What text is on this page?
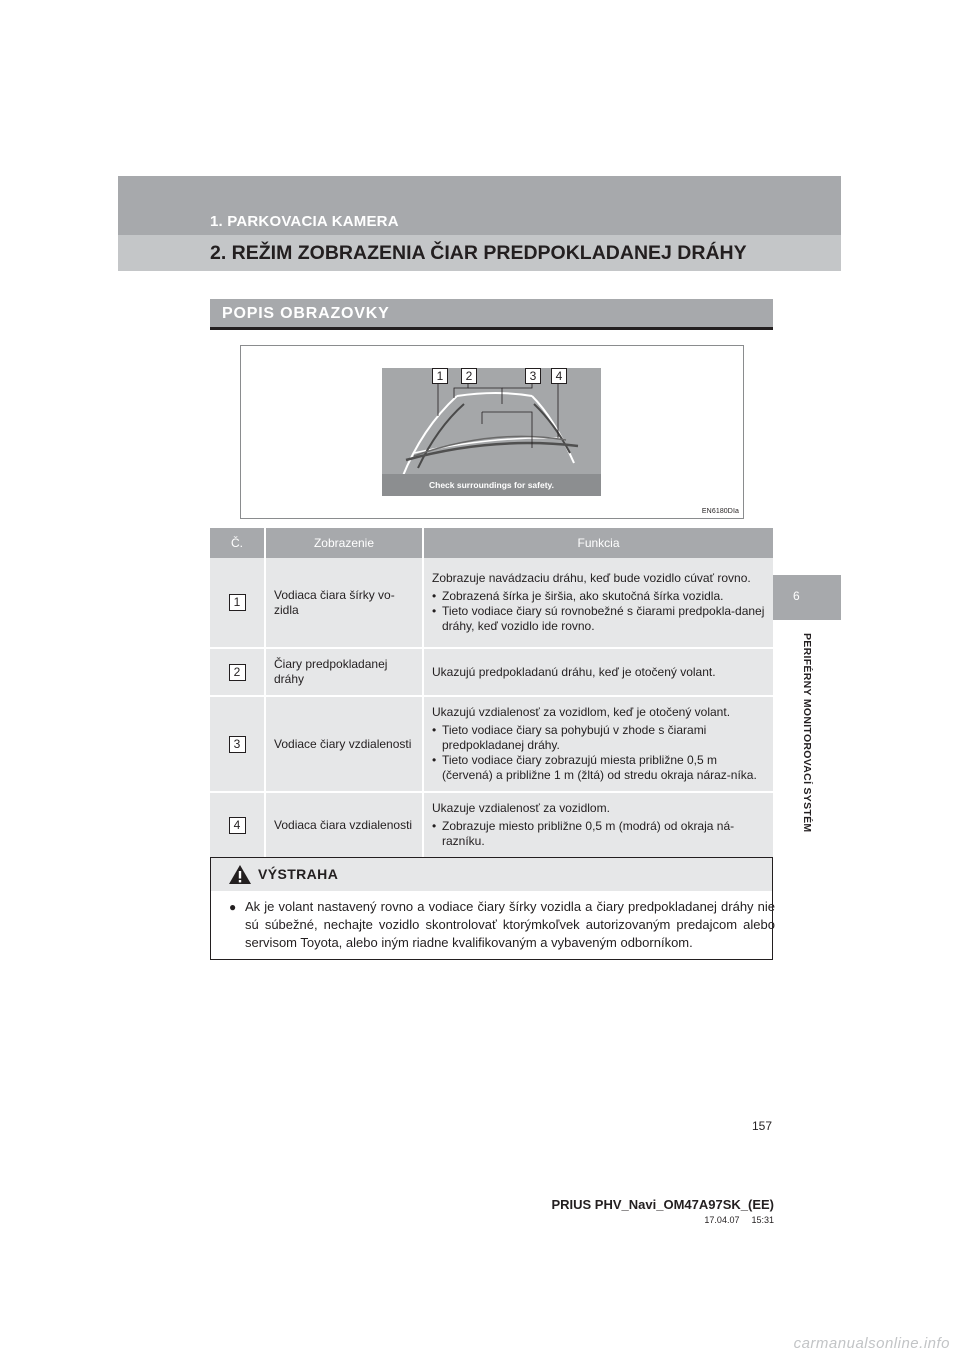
1. PARKOVACIA KAMERA
2. REŽIM ZOBRAZENIA ČIAR PREDPOKLADANEJ DRÁHY
6
PERIFÉRNY MONITOROVACÍ SYSTÉM
POPIS OBRAZOVKY
Check surroundings for safety.
1	2	3	4
EN6180DIa
Č.	Zobrazenie	Funkcia
1	Vodiaca čiara šírky vo-zidla	Zobrazuje navádzaciu dráhu, keď bude vozidlo cúvať rovno.
• Zobrazená šírka je širšia, ako skutočná šírka vozidla.
• Tieto vodiace čiary sú rovnobežné s čiarami predpokla-danej dráhy, keď vozidlo ide rovno.

2	Čiary predpokladanej dráhy	Ukazujú predpokladanú dráhu, keď je otočený volant.

3	Vodiace čiary vzdialenosti	Ukazujú vzdialenosť za vozidlom, keď je otočený volant.
• Tieto vodiace čiary sa pohybujú v zhode s čiarami predpokladanej dráhy.
• Tieto vodiace čiary zobrazujú miesta približne 0,5 m (červená) a približne 1 m (žltá) od stredu okraja náraz-níka.

4	Vodiaca čiara vzdialenosti	Ukazuje vzdialenosť za vozidlom.
• Zobrazuje miesto približne 0,5 m (modrá) od okraja ná-razníku.
VÝSTRAHA
● Ak je volant nastavený rovno a vodiace čiary šírky vozidla a čiary predpokladanej dráhy nie sú súbežné, nechajte vozidlo skontrolovať ktorýmkoľvek autorizovaným predajcom alebo servisom Toyota, alebo iným riadne kvalifikovaným a vybaveným odborníkom.
157
PRIUS PHV_Navi_OM47A97SK_(EE)
17.04.07 15:31
carmanualsonline.info
